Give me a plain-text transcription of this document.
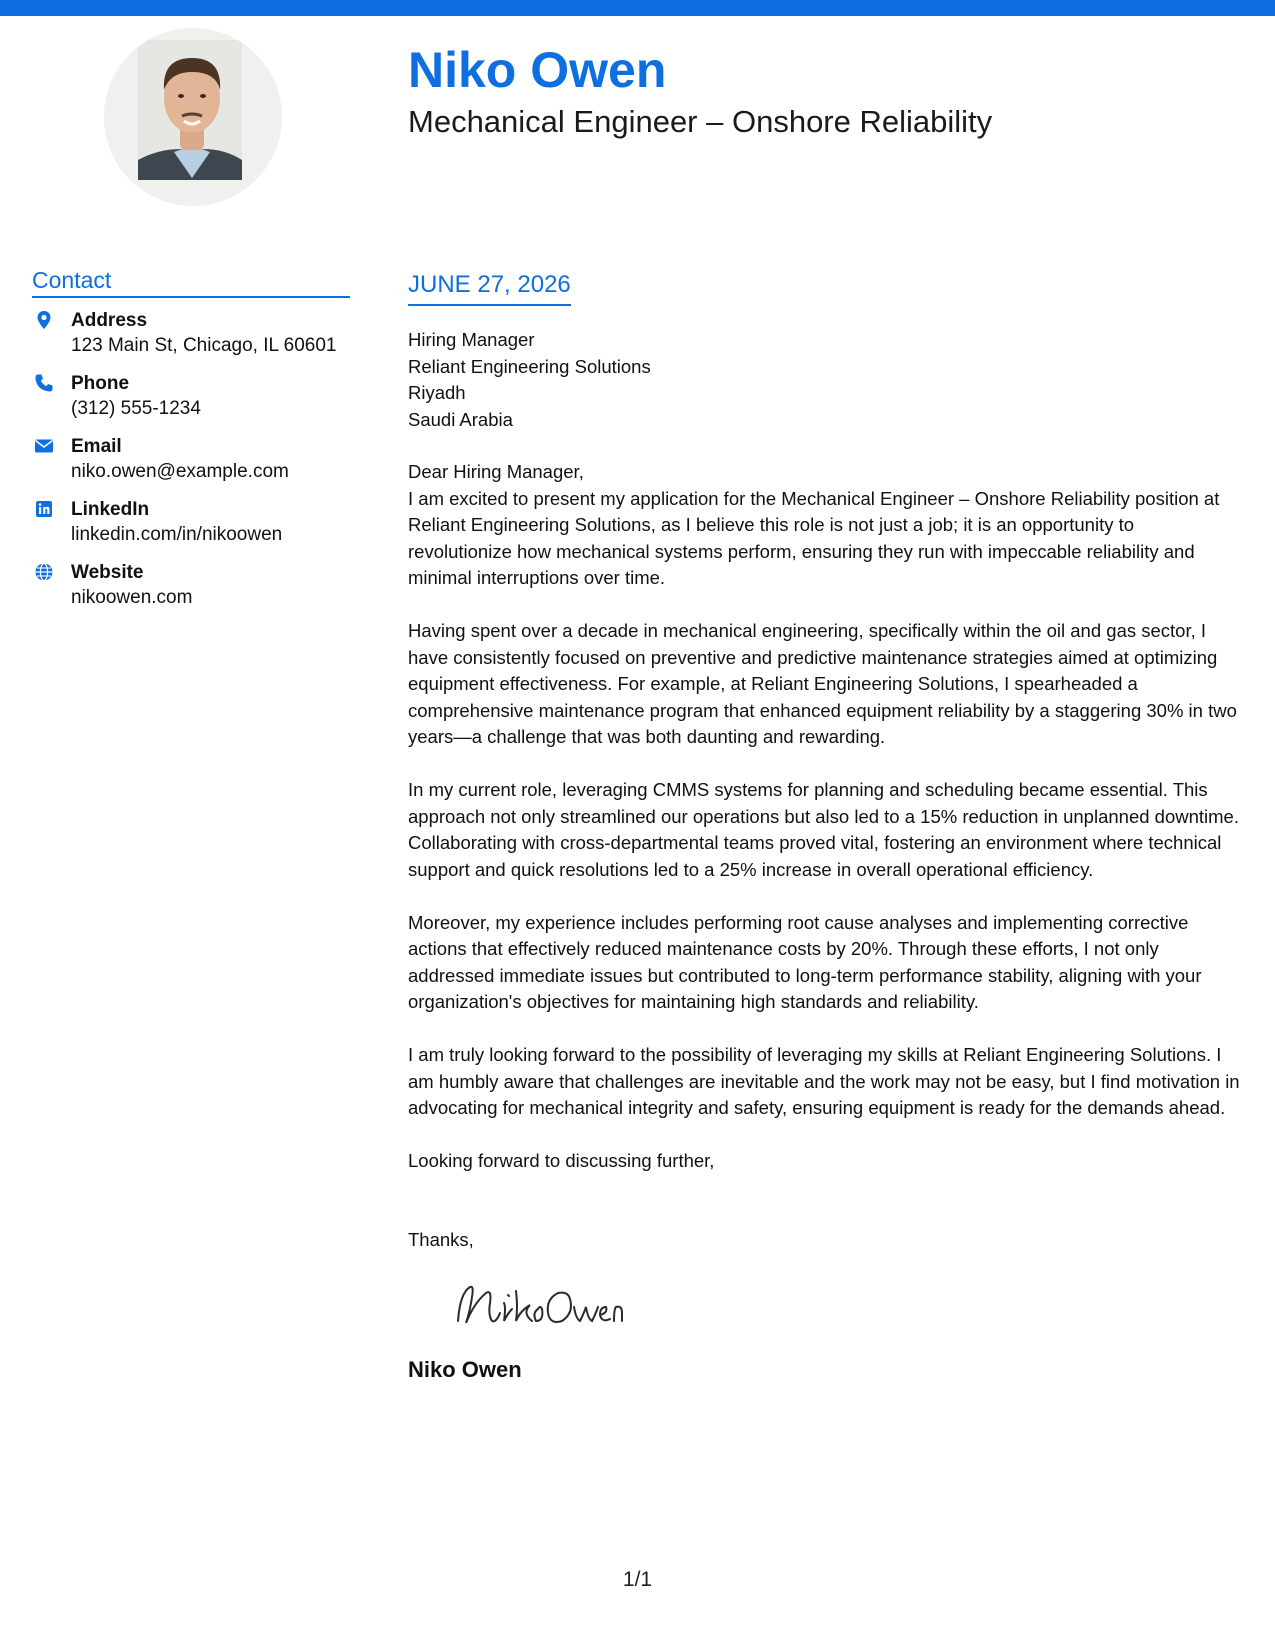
Niko Owen
Mechanical Engineer – Onshore Reliability
Contact
Address
123 Main St, Chicago, IL 60601
Phone
(312) 555-1234
Email
niko.owen@example.com
LinkedIn
linkedin.com/in/nikoowen
Website
nikoowen.com
JUNE 27, 2026

Hiring Manager

Reliant Engineering Solutions

Riyadh

Saudi Arabia

Dear Hiring Manager,

I am excited to present my application for the Mechanical Engineer – Onshore Reliability position at Reliant Engineering Solutions, as I believe this role is not just a job; it is an opportunity to revolutionize how mechanical systems perform, ensuring they run with impeccable reliability and minimal interruptions over time.

Having spent over a decade in mechanical engineering, specifically within the oil and gas sector, I have consistently focused on preventive and predictive maintenance strategies aimed at optimizing equipment effectiveness. For example, at Reliant Engineering Solutions, I spearheaded a comprehensive maintenance program that enhanced equipment reliability by a staggering 30% in two years—a challenge that was both daunting and rewarding.

In my current role, leveraging CMMS systems for planning and scheduling became essential. This approach not only streamlined our operations but also led to a 15% reduction in unplanned downtime. Collaborating with cross-departmental teams proved vital, fostering an environment where technical support and quick resolutions led to a 25% increase in overall operational efficiency.

Moreover, my experience includes performing root cause analyses and implementing corrective actions that effectively reduced maintenance costs by 20%. Through these efforts, I not only addressed immediate issues but contributed to long-term performance stability, aligning with your organization's objectives for maintaining high standards and reliability.

I am truly looking forward to the possibility of leveraging my skills at Reliant Engineering Solutions. I am humbly aware that challenges are inevitable and the work may not be easy, but I find motivation in advocating for mechanical integrity and safety, ensuring equipment is ready for the demands ahead.

Looking forward to discussing further,

Thanks,

Niko Owen

1/1
